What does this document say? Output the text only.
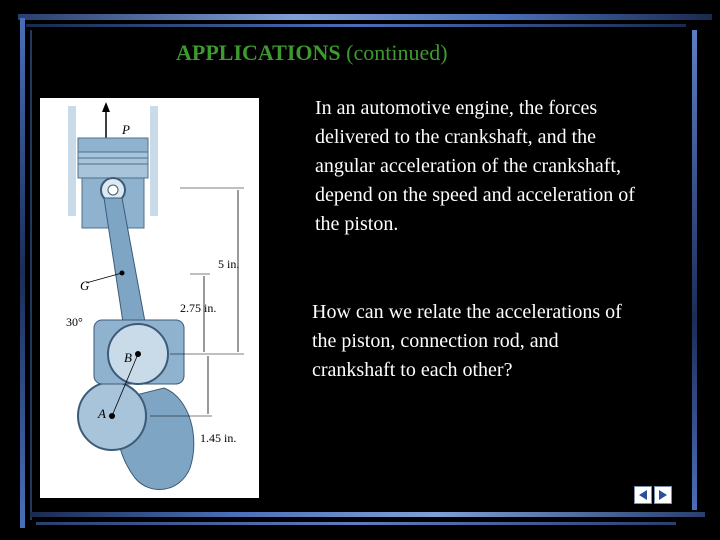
APPLICATIONS (continued)
P
G
B
A
30°
5 in.
2.75 in.
1.45 in.
In an automotive engine, the forces delivered to the crankshaft, and the angular acceleration of the crankshaft, depend on the speed and acceleration of the piston.
How can we relate the accelerations of the piston, connection rod, and crankshaft to each other?
